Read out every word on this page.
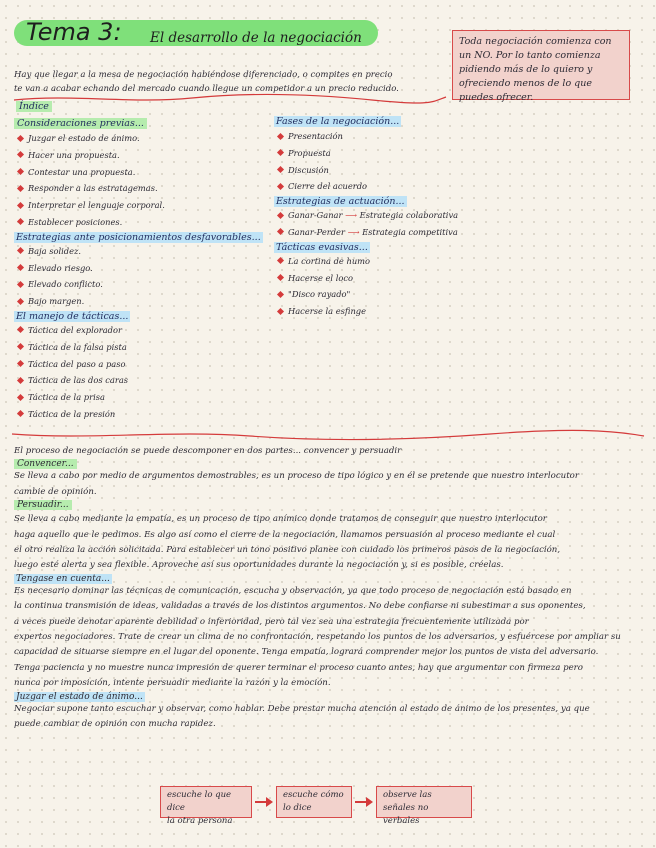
Tema 3: El desarrollo de la negociación	Toda negociación comienza con un NO. Por lo tanto comienza pidiendo más de lo quiero y ofreciendo menos de lo que puedes ofrecer.
Hay que llegar a la mesa de negociación habiéndose diferenciado, o compites en precio
te van a acabar echando del mercado cuando llegue un competidor a un precio reducido.
Índice
Consideraciones previas...
Juzgar el estado de ánimo.
Hacer una propuesta.
Contestar una propuesta.
Responder a las estratagemas.
Interpretar el lenguaje corporal.
Establecer posiciones.
Estrategias ante posicionamientos desfavorables...
Baja solidez.
Elevado riesgo.
Elevado conflicto.
Bajo margen.
El manejo de tácticas...
Táctica del explorador
Táctica de la falsa pista
Táctica del paso a paso
Táctica de las dos caras
Táctica de la prisa
Táctica de la presión
Fases de la negociación...
Presentación
Propuesta
Discusión
Cierre del acuerdo
Estrategias de actuación...
Ganar-Ganar ⟶ Estrategia colaborativa
Ganar-Perder ⟶ Estrategia competitiva
Tácticas evasivas...
La cortina de humo
Hacerse el loco
"Disco rayado"
Hacerse la esfinge
El proceso de negociación se puede descomponer en dos partes... convencer y persuadir
Convencer...
Se lleva a cabo por medio de argumentos demostrables, es un proceso de tipo lógico y en él se pretende que nuestro interlocutor
cambie de opinión.
Persuadir...
Se lleva a cabo mediante la empatía, es un proceso de tipo anímico donde tratamos de conseguir que nuestro interlocutor
haga aquello que le pedimos. Es algo así como el cierre de la negociación, llamamos persuasión al proceso mediante el cual
el otro realiza la acción solicitada. Para establecer un tono positivo planee con cuidado los primeros pasos de la negociación,
luego esté alerta y sea flexible. Aproveche así sus oportunidades durante la negociación y, si es posible, créelas.
Tengase en cuenta...
Es necesario dominar las técnicas de comunicación, escucha y observación, ya que todo proceso de negociación está basado en
la continua transmisión de ideas, validadas a través de los distintos argumentos. No debe confiarse ni subestimar a sus oponentes,
a veces puede denotar aparente debilidad o inferioridad, pero tal vez sea una estrategia frecuentemente utilizada por
expertos negociadores. Trate de crear un clima de no confrontación, respetando los puntos de los adversarios, y esfuércese por ampliar su
capacidad de situarse siempre en el lugar del oponente. Tenga empatía, logrará comprender mejor los puntos de vista del adversario.
Tenga paciencia y no muestre nunca impresión de querer terminar el proceso cuanto antes, hay que argumentar con firmeza pero
nunca por imposición, intente persuadir mediante la razón y la emoción.
Juzgar el estado de ánimo...
Negociar supone tanto escuchar y observar, como hablar. Debe prestar mucha atención al estado de ánimo de los presentes, ya que
puede cambiar de opinión con mucha rapidez.
escuche lo que dice
la otra persona
escuche cómo
lo dice
observe las
señales no verbales
